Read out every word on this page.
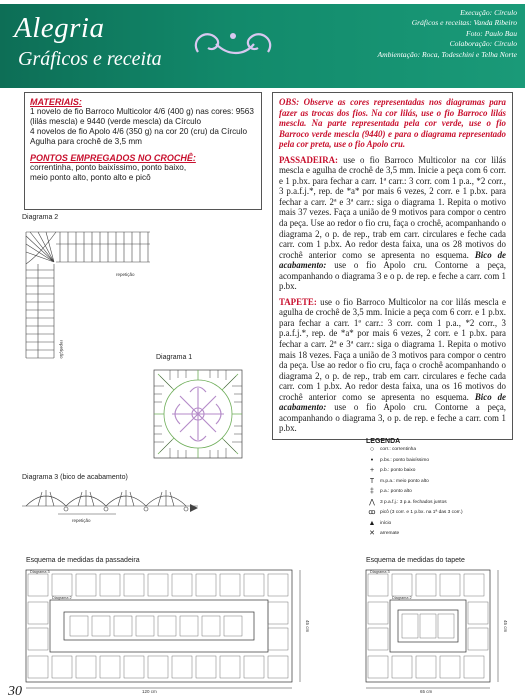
Alegria
Gráficos e receita
Execução: Círculo
Gráficos e receitas: Vanda Ribeiro
Foto: Paulo Bau
Colaboração: Círculo
Ambientação: Roca, Todeschini e Telha Norte
MATERIAIS:

1 novelo de fio Barroco Multicolor 4/6 (400 g) nas cores: 9563 (lilás mescla) e 9440 (verde mescla) da Círculo

4 novelos de fio Apolo 4/6 (350 g) na cor 20 (cru) da Círculo

Agulha para crochê de 3,5 mm

PONTOS EMPREGADOS NO CROCHÊ:

correntinha, ponto baixíssimo, ponto baixo,

meio ponto alto, ponto alto e picô

OBS: Observe as cores representadas nos diagramas para fazer as trocas dos fios. Na cor lilás, use o fio Barroco lilás mescla. Na parte representada pela cor verde, use o fio Barroco verde mescla (9440) e para o diagrama representado pela cor preta, use o fio Apolo cru.

PASSADEIRA: use o fio Barroco Multicolor na cor lilás mescla e agulha de crochê de 3,5 mm. Inicie a peça com 6 corr. e 1 p.bx. para fechar a carr. 1ª carr.: 3 corr. com 1 p.a., *2 corr., 3 p.a.f.j.*, rep. de *a* por mais 6 vezes, 2 corr. e 1 p.bx. para fechar a carr. 2ª e 3ª carr.: siga o diagrama 1. Repita o motivo mais 37 vezes. Faça a união de 9 motivos para compor o centro da peça. Use ao redor o fio cru, faça o crochê, acompanhando o diagrama 2, o p. de rep., trab em carr. circulares e feche cada carr. com 1 p.bx. Ao redor desta faixa, una os 28 motivos do crochê anterior como se apresenta no esquema. Bico de acabamento: use o fio Apolo cru. Contorne a peça, acompanhando o diagrama 3 e o p. de rep. e feche a carr. com 1 p.bx.

TAPETE: use o fio Barroco Multicolor na cor lilás mescla e agulha de crochê de 3,5 mm. Inicie a peça com 6 corr. e 1 p.bx. para fechar a carr. 1ª carr.: 3 corr. com 1 p.a., *2 corr., 3 p.a.f.j.*, rep. de *a* por mais 6 vezes, 2 corr. e 1 p.bx. para fechar a carr. 2ª e 3ª carr.: siga o diagrama 1. Repita o motivo mais 18 vezes. Faça a união de 3 motivos para compor o centro da peça. Use ao redor o fio cru, faça o crochê acompanhando o diagrama 2, o p. de rep., trab em carr. circulares e feche cada carr. com 1 p.bx. Ao redor desta faixa, una os 16 motivos do crochê anterior como se apresenta no esquema. Bico de acabamento: use o fio Apolo cru. Contorne a peça, acompanhando o diagrama 3, o p. de rep. e feche a carr. com 1 p.bx.

Diagrama 2
repetição
repetição	Diagrama 1
Diagrama 3 (bico de acabamento)
repetição
LEGENDA
○	corr.: correntinha
•	p.bx.: ponto baixíssimo
+	p.b.: ponto baixo
T	m.p.a.: meio ponto alto
‡	p.a.: ponto alto
⋀	3 p.a.f.j.: 3 p.a. fechados juntos
ꝏ picô (3 corr. e 1 p.bx. na 1ª das 3 corr.)
▲ início
✕	arremate
Esquema de medidas da passadeira
Diagrama 3
Diagrama 2
120 cm
45 cm
Esquema de medidas do tapete
Diagrama 3
Diagrama 2
65 cm
45 cm
30
